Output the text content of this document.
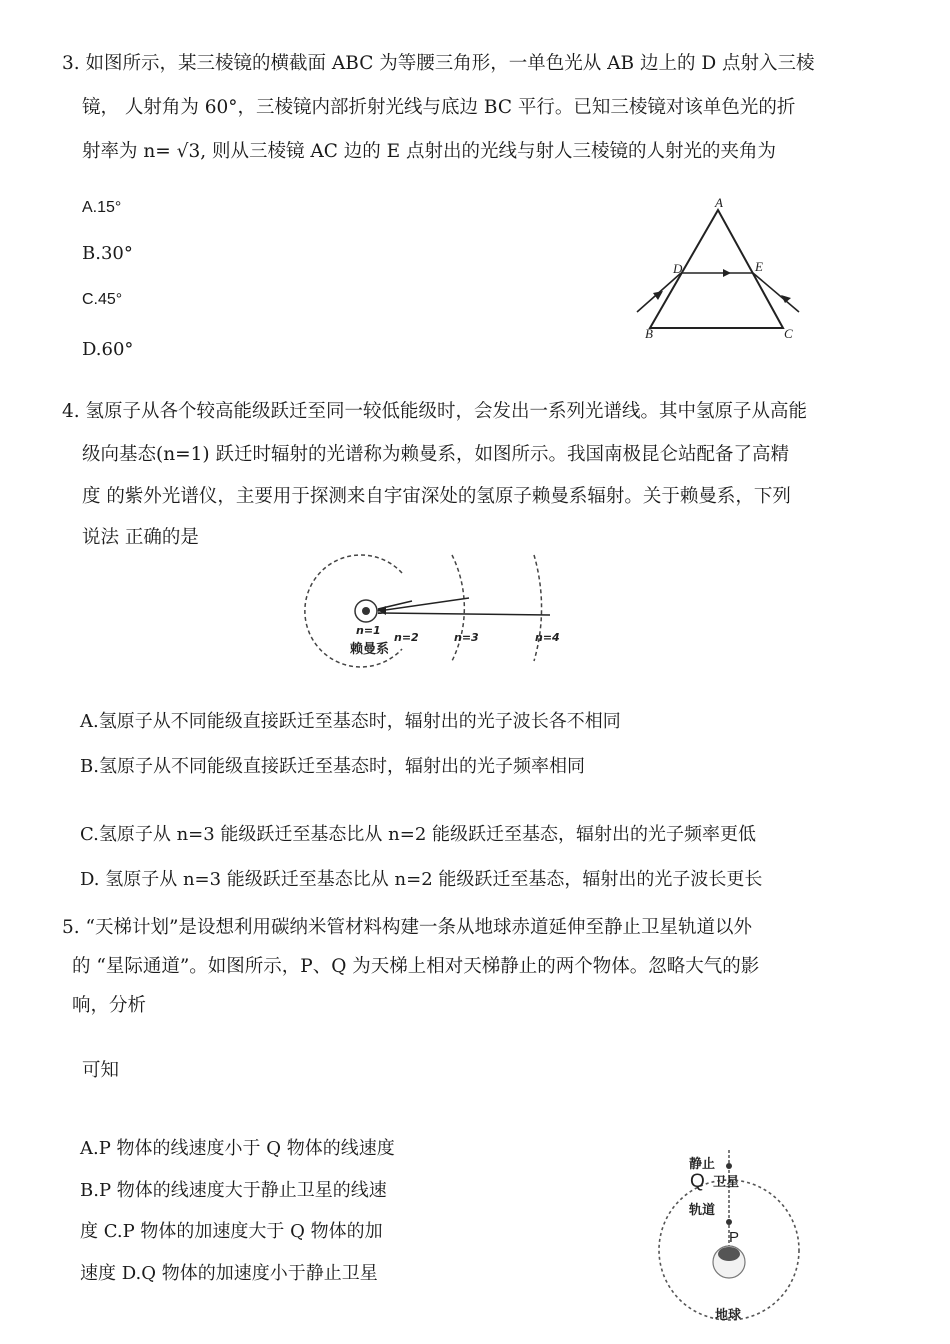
3. 如图所示，某三棱镜的横截面 ABC 为等腰三角形，一单色光从 AB 边上的 D 点射入三棱
镜， 人射角为 60°，三棱镜内部折射光线与底边 BC 平行。已知三棱镜对该单色光的折
射率为 n= √3, 则从三棱镜 AC 边的 E 点射出的光线与射人三棱镜的人射光的夹角为
A.15°
B.30°
C.45°
D.60°
A
B	C
D	E
4. 氢原子从各个较高能级跃迁至同一较低能级时，会发出一系列光谱线。其中氢原子从高能
级向基态(n=1) 跃迁时辐射的光谱称为赖曼系，如图所示。我国南极昆仑站配备了高精
度 的紫外光谱仪，主要用于探测来自宇宙深处的氢原子赖曼系辐射。关于赖曼系，下列
说法 正确的是
n=1
n=2	n=3	n=4
赖曼系
A.氢原子从不同能级直接跃迁至基态时，辐射出的光子波长各不相同
B.氢原子从不同能级直接跃迁至基态时，辐射出的光子频率相同
C.氢原子从 n=3 能级跃迁至基态比从 n=2 能级跃迁至基态，辐射出的光子频率更低
D. 氢原子从 n=3 能级跃迁至基态比从 n=2 能级跃迁至基态，辐射出的光子波长更长
5. “天梯计划”是设想利用碳纳米管材料构建一条从地球赤道延伸至静止卫星轨道以外
的 “星际通道”。如图所示，P、Q 为天梯上相对天梯静止的两个物体。忽略大气的影
响，分析
可知
A.P 物体的线速度小于 Q 物体的线速度
B.P 物体的线速度大于静止卫星的线速
度 C.P 物体的加速度大于 Q 物体的加
速度 D.Q 物体的加速度小于静止卫星
静止
Q 卫星
轨道
P
地球
